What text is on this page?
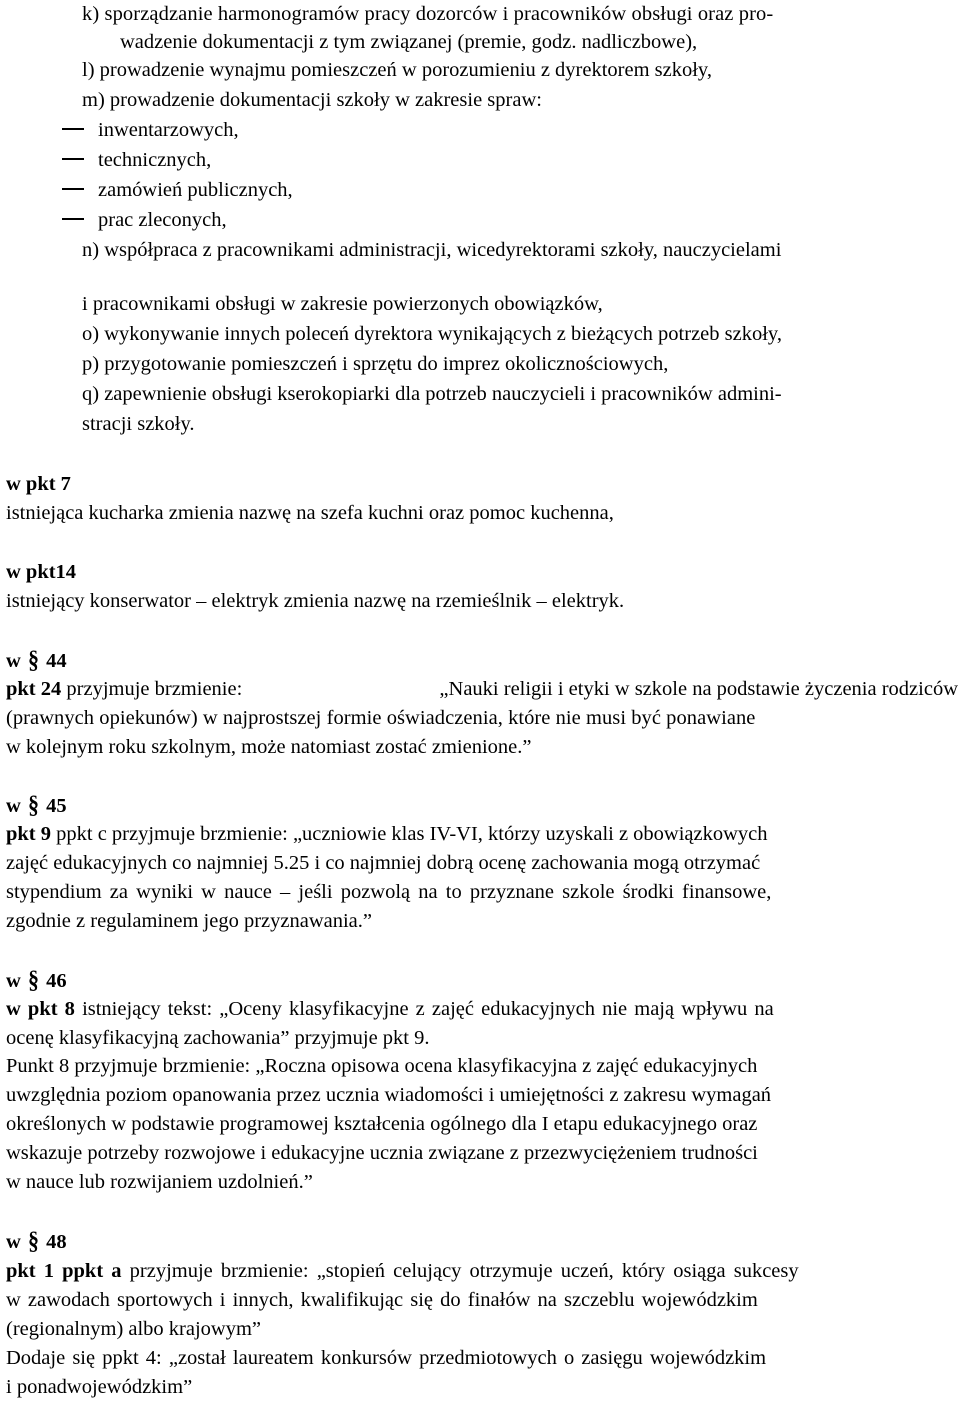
k) sporządzanie harmonogramów pracy dozorców i pracowników obsługi oraz pro-
wadzenie dokumentacji z tym związanej (premie, godz. nadliczbowe),
l) prowadzenie wynajmu pomieszczeń w porozumieniu z dyrektorem szkoły,
m) prowadzenie dokumentacji szkoły w zakresie spraw:
inwentarzowych,
technicznych,
zamówień publicznych,
prac zleconych,
n) współpraca z pracownikami administracji, wicedyrektorami szkoły, nauczycielami
i pracownikami obsługi w zakresie powierzonych obowiązków,
o) wykonywanie innych poleceń dyrektora wynikających z bieżących potrzeb szkoły,
p) przygotowanie pomieszczeń i sprzętu do imprez okolicznościowych,
q) zapewnienie obsługi kserokopiarki dla potrzeb nauczycieli i pracowników admini-
stracji szkoły.
w pkt 7
istniejąca kucharka zmienia nazwę na szefa kuchni oraz pomoc kuchenna,
w pkt14
istniejący konserwator – elektryk zmienia nazwę na rzemieślnik – elektryk.
w § 44
pkt 24 przyjmuje brzmienie:	„Nauki religii i etyki w szkole na podstawie życzenia rodziców
(prawnych opiekunów) w najprostszej formie oświadczenia, które nie musi być ponawiane
w kolejnym roku szkolnym, może natomiast zostać zmienione.”
w § 45
pkt 9 ppkt c przyjmuje brzmienie: „uczniowie klas IV-VI, którzy uzyskali z obowiązkowych
zajęć edukacyjnych co najmniej 5.25 i co najmniej dobrą ocenę zachowania mogą otrzymać
stypendium za wyniki w nauce – jeśli pozwolą na to przyznane szkole środki finansowe,
zgodnie z regulaminem jego przyznawania.”
w § 46
w pkt 8 istniejący tekst: „Oceny klasyfikacyjne z zajęć edukacyjnych nie mają wpływu na
ocenę klasyfikacyjną zachowania” przyjmuje pkt 9.
Punkt 8 przyjmuje brzmienie: „Roczna opisowa ocena klasyfikacyjna z zajęć edukacyjnych
uwzględnia poziom opanowania przez ucznia wiadomości i umiejętności z zakresu wymagań
określonych w podstawie programowej kształcenia ogólnego dla I etapu edukacyjnego oraz
wskazuje potrzeby rozwojowe i edukacyjne ucznia związane z przezwyciężeniem trudności
w nauce lub rozwijaniem uzdolnień.”
w § 48
pkt 1 ppkt a przyjmuje brzmienie: „stopień celujący otrzymuje uczeń, który osiąga sukcesy
w zawodach sportowych i innych, kwalifikując się do finałów na szczeblu wojewódzkim
(regionalnym) albo krajowym”
Dodaje się ppkt 4: „został laureatem konkursów przedmiotowych o zasięgu wojewódzkim
i ponadwojewódzkim”
